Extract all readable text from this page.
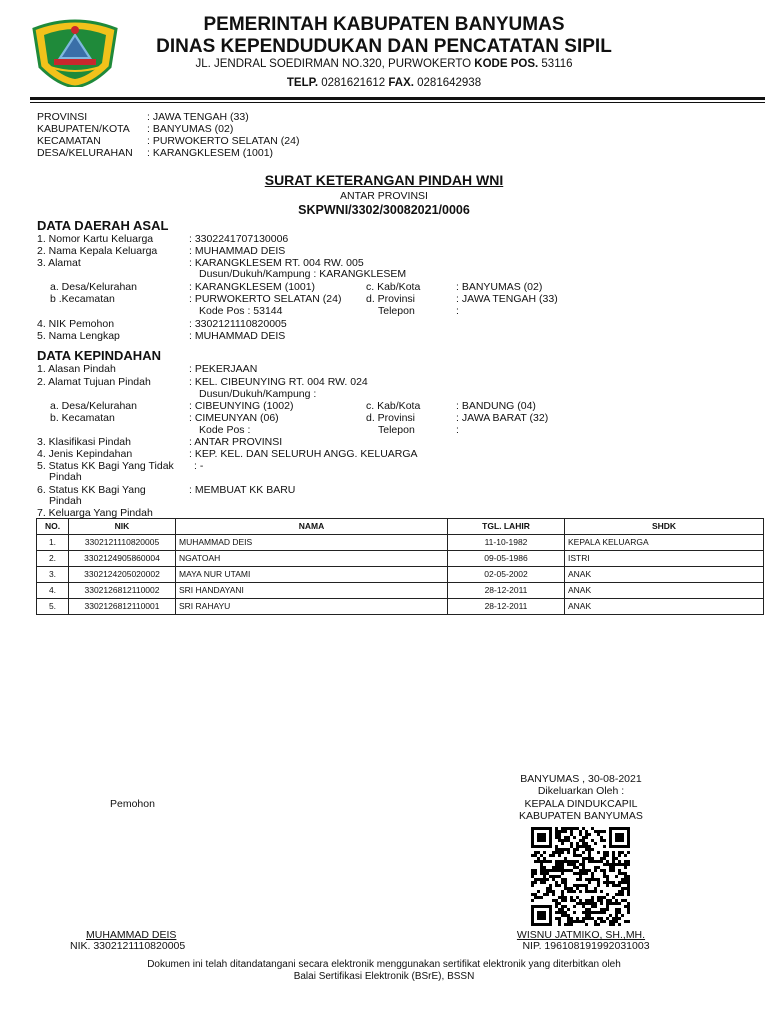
PEMERINTAH KABUPATEN BANYUMAS
DINAS KEPENDUDUKAN DAN PENCATATAN SIPIL
JL. JENDRAL SOEDIRMAN NO.320, PURWOKERTO KODE POS. 53116
TELP. 0281621612 FAX. 0281642938
PROVINSI	: JAWA TENGAH (33)
KABUPATEN/KOTA : BANYUMAS (02)
KECAMATAN	: PURWOKERTO SELATAN (24)
DESA/KELURAHAN : KARANGKLESEM (1001)
SURAT KETERANGAN PINDAH WNI
ANTAR PROVINSI
SKPWNI/3302/30082021/0006
DATA DAERAH ASAL
1. Nomor Kartu Keluarga	: 3302241707130006
2. Nama Kepala Keluarga	: MUHAMMAD DEIS
3. Alamat	: KARANGKLESEM RT. 004 RW. 005
Dusun/Dukuh/Kampung : KARANGKLESEM
a. Desa/Kelurahan	: KARANGKLESEM (1001)	c. Kab/Kota	: BANYUMAS (02)
b .Kecamatan	: PURWOKERTO SELATAN (24) d. Provinsi	: JAWA TENGAH (33)
Kode Pos : 53144	Telepon	:
4. NIK Pemohon	: 3302121110820005
5. Nama Lengkap	: MUHAMMAD DEIS
DATA KEPINDAHAN
1. Alasan Pindah	: PEKERJAAN
2. Alamat Tujuan Pindah	: KEL. CIBEUNYING RT. 004 RW. 024
Dusun/Dukuh/Kampung :
a. Desa/Kelurahan	: CIBEUNYING (1002)	c. Kab/Kota	: BANDUNG (04)
b. Kecamatan	: CIMEUNYAN (06)	d. Provinsi	: JAWA BARAT (32)
Kode Pos :	Telepon	:
3. Klasifikasi Pindah	: ANTAR PROVINSI
4. Jenis Kepindahan	: KEP. KEL. DAN SELURUH ANGG. KELUARGA
5. Status KK Bagi Yang Tidak : -
Pindah
6. Status KK Bagi Yang	: MEMBUAT KK BARU
Pindah
7. Keluarga Yang Pindah
NO.	NIK	NAMA	TGL. LAHIR	SHDK
1.	3302121110820005	MUHAMMAD DEIS	11-10-1982	KEPALA KELUARGA
2.	3302124905860004	NGATOAH	09-05-1986	ISTRI
3.	3302124205020002	MAYA NUR UTAMI	02-05-2002	ANAK
4.	3302126812110002	SRI HANDAYANI	28-12-2011	ANAK
5.	3302126812110001	SRI RAHAYU	28-12-2011	ANAK
Pemohon
MUHAMMAD DEIS
NIK. 3302121110820005
BANYUMAS , 30-08-2021
Dikeluarkan Oleh :
KEPALA DINDUKCAPIL
KABUPATEN BANYUMAS
WISNU JATMIKO, SH.,MH.
NIP. 196108191992031003
Dokumen ini telah ditandatangani secara elektronik menggunakan sertifikat elektronik yang diterbitkan oleh
Balai Sertifikasi Elektronik (BSrE), BSSN
